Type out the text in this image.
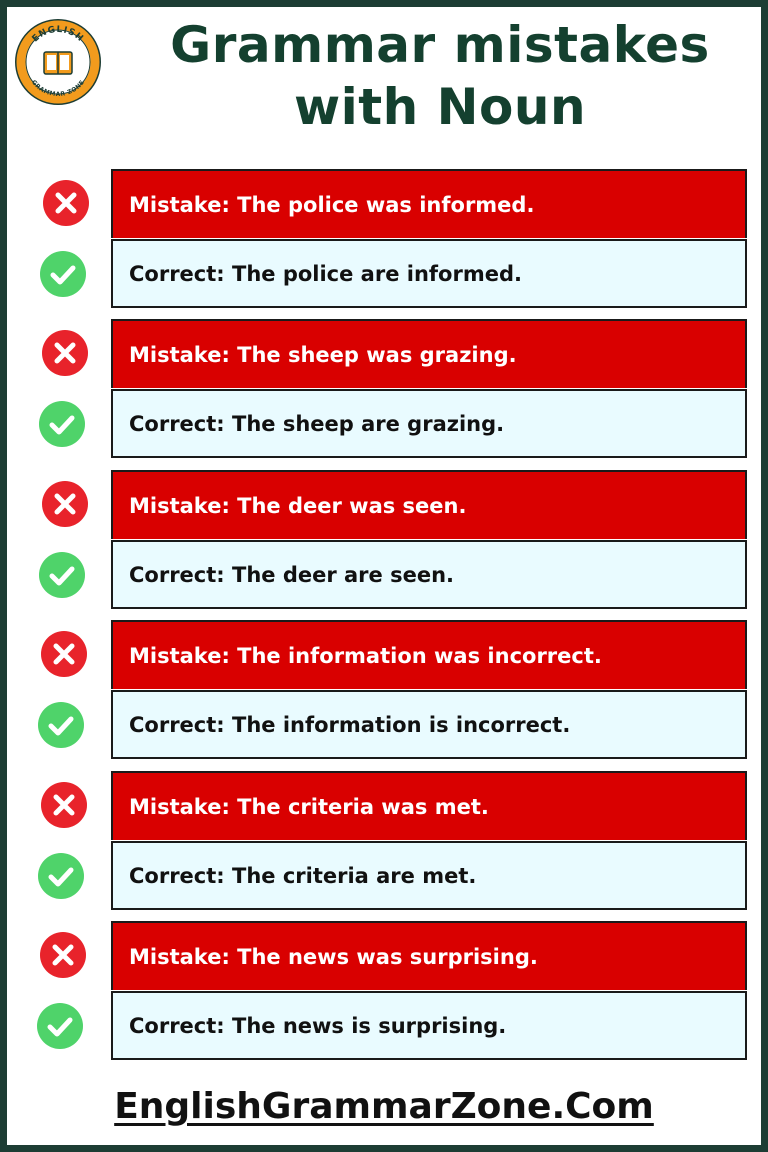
ENGLISH
GRAMMAR ZONE
Grammar mistakes
with Noun
Mistake: The police was informed.
Correct: The police are informed.
Mistake: The sheep was grazing.
Correct: The sheep are grazing.
Mistake: The deer was seen.
Correct: The deer are seen.
Mistake: The information was incorrect.
Correct: The information is incorrect.
Mistake: The criteria was met.
Correct: The criteria are met.
Mistake: The news was surprising.
Correct: The news is surprising.
EnglishGrammarZone.Com
